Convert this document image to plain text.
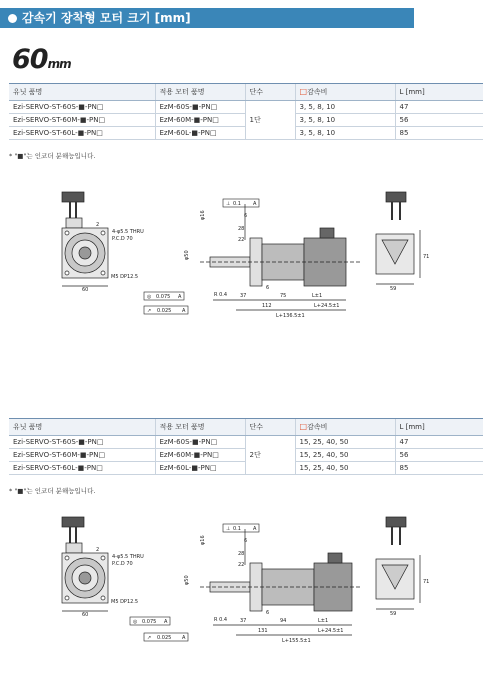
감속기 장착형 모터 크기 [mm]
60mm
유닛 품명	적용 모터 품명	단수	□감속비	L [mm]
Ezi-SERVO-ST-60S-■-PN□	EzM-60S-■-PN□	1단	3, 5, 8, 10	47
Ezi-SERVO-ST-60M-■-PN□	EzM-60M-■-PN□		3, 5, 8, 10	56
Ezi-SERVO-ST-60L-■-PN□	EzM-60L-■-PN□		3, 5, 8, 10	85
* "■"는 인코더 분해능입니다.
2
4-φ5.5 THRU
P.C.D 70
M5 DP12.5
60
φ50
φ16
⊥ 0.1 A
◎ 0.075 A
↗ 0.025 A
6
28
22
R 0.4	37
6
75
112
L±1
L+24.5±1
L+136.5±1
71
59
유닛 품명	적용 모터 품명	단수	□감속비	L [mm]
Ezi-SERVO-ST-60S-■-PN□	EzM-60S-■-PN□	2단	15, 25, 40, 50	47
Ezi-SERVO-ST-60M-■-PN□	EzM-60M-■-PN□		15, 25, 40, 50	56
Ezi-SERVO-ST-60L-■-PN□	EzM-60L-■-PN□		15, 25, 40, 50	85
* "■"는 인코더 분해능입니다.
2
4-φ5.5 THRU
P.C.D 70
M5 DP12.5
60
φ50
φ16
⊥ 0.1 A
◎ 0.075 A
↗ 0.025 A
6
28
22
R 0.4	37
6
94
131
L±1
L+24.5±1
L+155.5±1
71
59
